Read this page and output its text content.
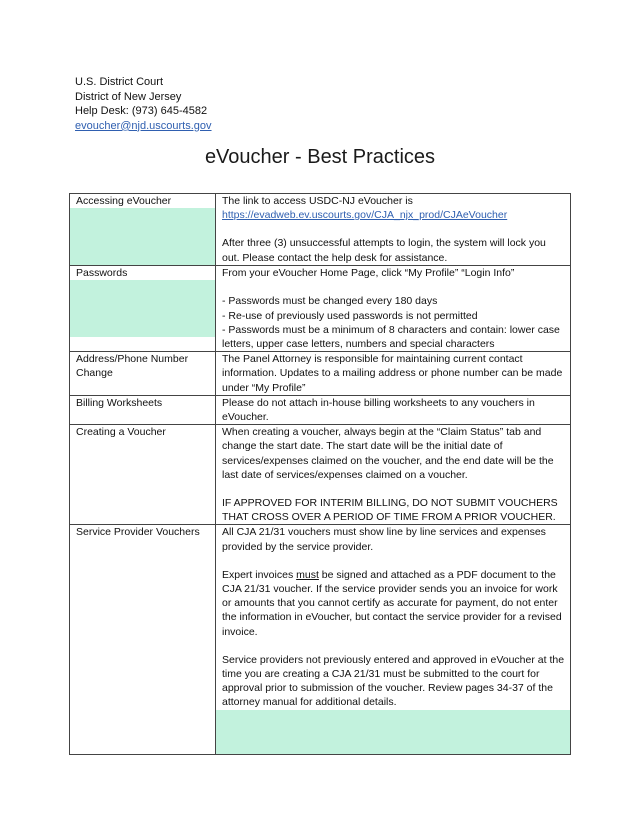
U.S. District Court
District of New Jersey
Help Desk: (973) 645-4582
evoucher@njd.uscourts.gov
eVoucher - Best Practices
Accessing eVoucher	The link to access USDC-NJ eVoucher is
https://evadweb.ev.uscourts.gov/CJA_njx_prod/CJAeVoucher
After three (3) unsuccessful attempts to login, the system will lock you out. Please contact the help desk for assistance.

Passwords	From your eVoucher Home Page, click “My Profile” “Login Info”
- Passwords must be changed every 180 days
- Re-use of previously used passwords is not permitted
- Passwords must be a minimum of 8 characters and contain: lower case letters, upper case letters, numbers and special characters

Address/Phone Number Change	The Panel Attorney is responsible for maintaining current contact information. Updates to a mailing address or phone number can be made under “My Profile”

Billing Worksheets	Please do not attach in-house billing worksheets to any vouchers in eVoucher.

Creating a Voucher	When creating a voucher, always begin at the “Claim Status” tab and change the start date. The start date will be the initial date of services/expenses claimed on the voucher, and the end date will be the last date of services/expenses claimed on a voucher.
IF APPROVED FOR INTERIM BILLING, DO NOT SUBMIT VOUCHERS THAT CROSS OVER A PERIOD OF TIME FROM A PRIOR VOUCHER.

Service Provider Vouchers	All CJA 21/31 vouchers must show line by line services and expenses provided by the service provider.
Expert invoices must be signed and attached as a PDF document to the CJA 21/31 voucher. If the service provider sends you an invoice for work or amounts that you cannot certify as accurate for payment, do not enter the information in eVoucher, but contact the service provider for a revised invoice.
Service providers not previously entered and approved in eVoucher at the time you are creating a CJA 21/31 must be submitted to the court for approval prior to submission of the voucher. Review pages 34-37 of the attorney manual for additional details.
